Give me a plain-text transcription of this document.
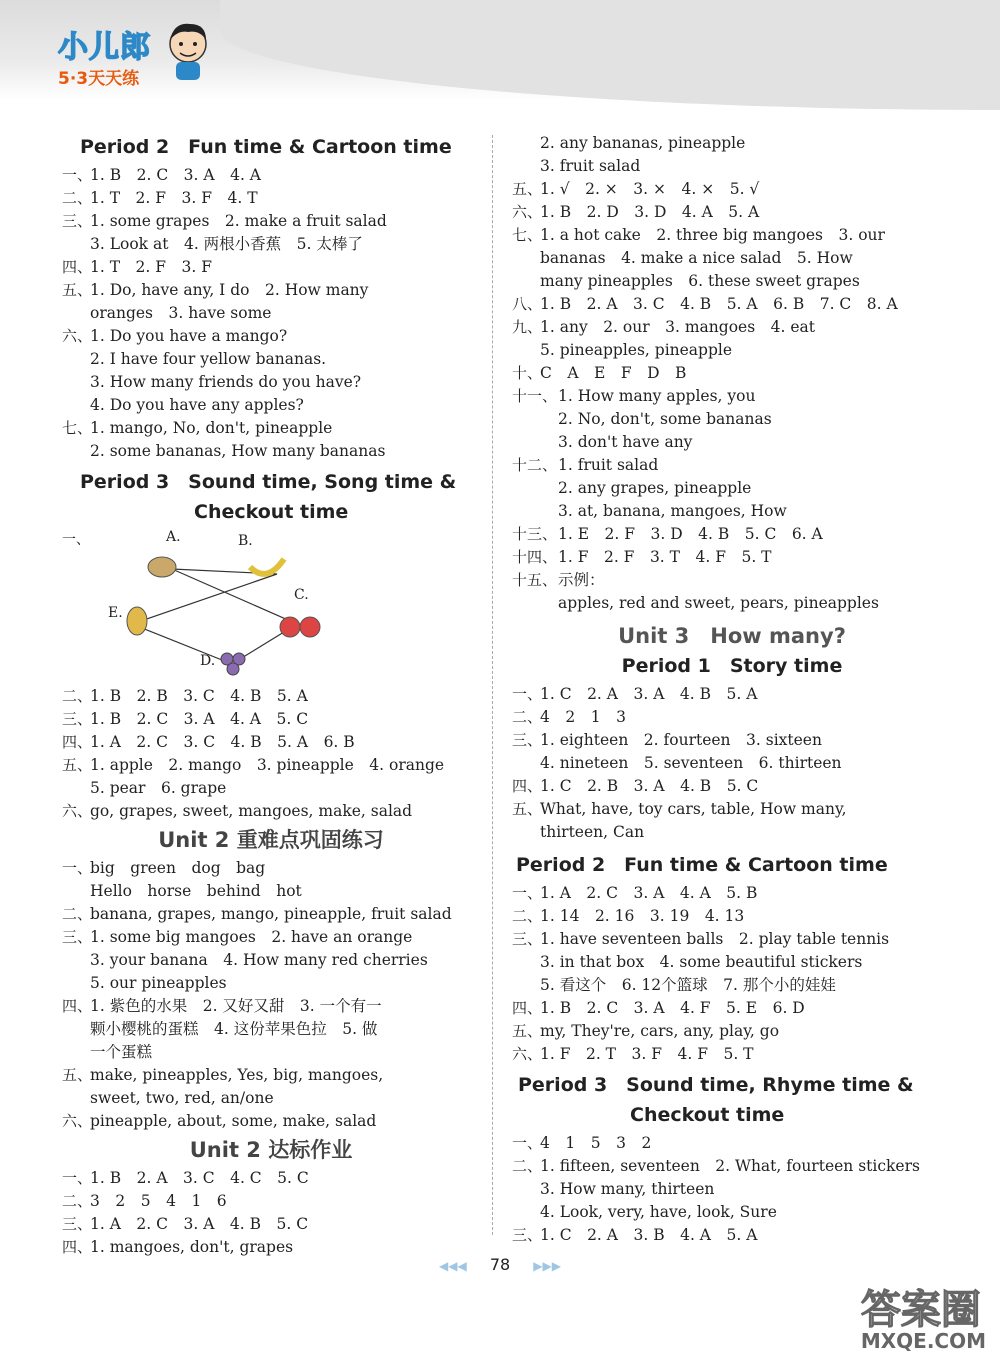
小儿郎
5·3天天练
Period 2　Fun time & Cartoon time
一、
1. B　2. C　3. A　4. A
二、
1. T　2. F　3. F　4. T
三、
1. some grapes　2. make a fruit salad
3. Look at　4. 两根小香蕉　5. 太棒了
四、
1. T　2. F　3. F
五、
1. Do, have any, I do　2. How many
oranges　3. have some
六、
1. Do you have a mango?
2. I have four yellow bananas.
3. How many friends do you have?
4. Do you have any apples?
七、
1. mango, No, don't, pineapple
2. some bananas, How many bananas
Period 3　Sound time, Song time &
Checkout time
一、	A.	B.
C.
E.
D.
二、
1. B　2. B　3. C　4. B　5. A
三、
1. B　2. C　3. A　4. A　5. C
四、
1. A　2. C　3. C　4. B　5. A　6. B
五、
1. apple　2. mango　3. pineapple　4. orange
5. pear　6. grape
六、
go, grapes, sweet, mangoes, make, salad
Unit 2 重难点巩固练习
一、
big　green　dog　bag
Hello　horse　behind　hot
二、
banana, grapes, mango, pineapple, fruit salad
三、
1. some big mangoes　2. have an orange
3. your banana　4. How many red cherries
5. our pineapples
四、
1. 紫色的水果　2. 又好又甜　3. 一个有一
颗小樱桃的蛋糕　4. 这份苹果色拉　5. 做
一个蛋糕
五、
make, pineapples, Yes, big, mangoes,
sweet, two, red, an/one
六、
pineapple, about, some, make, salad
Unit 2 达标作业
一、
1. B　2. A　3. C　4. C　5. C
二、
3　2　5　4　1　6
三、
1. A　2. C　3. A　4. B　5. C
四、
1. mangoes, don't, grapes
2. any bananas, pineapple
3. fruit salad
五、
1. √　2. ×　3. ×　4. ×　5. √
六、
1. B　2. D　3. D　4. A　5. A
七、
1. a hot cake　2. three big mangoes　3. our
bananas　4. make a nice salad　5. How
many pineapples　6. these sweet grapes
八、
1. B　2. A　3. C　4. B　5. A　6. B　7. C　8. A
九、
1. any　2. our　3. mangoes　4. eat
5. pineapples, pineapple
十、
C　A　E　F　D　B
十一、 1. How many apples, you
2. No, don't, some bananas
3. don't have any
十二、 1. fruit salad
2. any grapes, pineapple
3. at, banana, mangoes, How
十三、 1. E　2. F　3. D　4. B　5. C　6. A
十四、 1. F　2. F　3. T　4. F　5. T
十五、 示例：
apples, red and sweet, pears, pineapples
Unit 3　How many?
Period 1　Story time
一、
1. C　2. A　3. A　4. B　5. A
二、
4　2　1　3
三、
1. eighteen　2. fourteen　3. sixteen
4. nineteen　5. seventeen　6. thirteen
四、
1. C　2. B　3. A　4. B　5. C
五、
What, have, toy cars, table, How many,
thirteen, Can
Period 2　Fun time & Cartoon time
一、
1. A　2. C　3. A　4. A　5. B
二、
1. 14　2. 16　3. 19　4. 13
三、
1. have seventeen balls　2. play table tennis
3. in that box　4. some beautiful stickers
5. 看这个　6. 12个篮球　7. 那个小的娃娃
四、
1. B　2. C　3. A　4. F　5. E　6. D
五、
my, They're, cars, any, play, go
六、
1. F　2. T　3. F　4. F　5. T
Period 3　Sound time, Rhyme time &
Checkout time
一、
4　1　5　3　2
二、
1. fifteen, seventeen　2. What, fourteen stickers
3. How many, thirteen
4. Look, very, have, look, Sure
三、
1. C　2. A　3. B　4. A　5. A
◀◀◀ 78 ▶▶▶
答案圈
MXQE.COM
